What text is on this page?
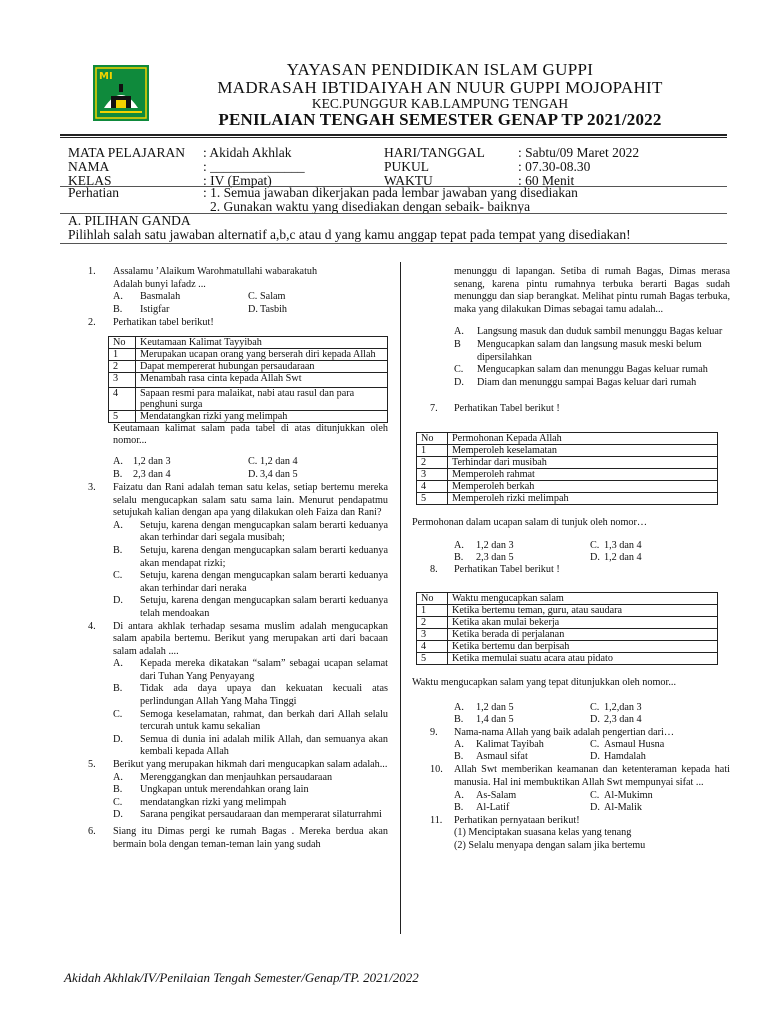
MI	YAYASAN PENDIDIKAN ISLAM GUPPI
MADRASAH IBTIDAIYAH AN NUUR GUPPI MOJOPAHIT
KEC.PUNGGUR KAB.LAMPUNG TENGAH
PENILAIAN TENGAH SEMESTER GENAP TP 2021/2022
MATA PELAJARAN : Akidah Akhlak	HARI/TANGGAL : Sabtu/09 Maret 2022
NAMA	: ______________	PUKUL	: 07.30-08.30
KELAS	: IV (Empat)	WAKTU	: 60 Menit
Perhatian	: 1. Semua jawaban dikerjakan pada lembar jawaban yang disediakan
2. Gunakan waktu yang disediakan dengan sebaik- baiknya
A. PILIHAN GANDA
Pilihlah salah satu jawaban alternatif a,b,c atau d yang kamu anggap tepat pada tempat yang disediakan!
1.	Assalamu ’Alaikum Warohmatullahi wabarakatuh

Adalah bunyi lafadz ...

A. Basmalah	C. Salam
B. Istigfar	D. Tasbih
2.	Perhatikan tabel berikut!

No	Keutamaan Kalimat Tayyibah
1	Merupakan ucapan orang yang berserah diri kepada Allah
2	Dapat mempererat hubungan persaudaraan
3	Menambah rasa cinta kepada Allah Swt
4	Sapaan resmi para malaikat, nabi atau rasul dan para penghuni surga
5	Mendatangkan rizki yang melimpah

Keutamaan kalimat salam pada tabel di atas ditunjukkan oleh nomor...

A. 1,2 dan 3	C. 1,2 dan 4
B. 2,3 dan 4	D. 3,4 dan 5
3.	Faizatu dan Rani adalah teman satu kelas, setiap bertemu mereka selalu mengucapkan salam satu sama lain. Menurut pendapatmu setujukah kalian dengan apa yang dilakukan oleh Faiza dan Rani?

A. Setuju, karena dengan mengucapkan salam berarti keduanya akan terhindar dari segala musibah;

B. Setuju, karena dengan mengucapkan salam berarti keduanya akan mendapat rizki;

C. Setuju, karena dengan mengucapkan salam berarti keduanya akan terhindar dari neraka

D. Setuju, karena dengan mengucapkan salam berarti keduanya telah mendoakan

4.	Di antara akhlak terhadap sesama muslim adalah mengucapkan salam apabila bertemu. Berikut yang merupakan arti dari bacaan salam adalah ....

A. Kepada mereka dikatakan “salam” sebagai ucapan selamat dari Tuhan Yang Penyayang

B. Tidak ada daya upaya dan kekuatan kecuali atas perlindungan Allah Yang Maha Tinggi

C. Semoga keselamatan, rahmat, dan berkah dari Allah selalu tercurah untuk kamu sekalian

D. Semua di dunia ini adalah milik Allah, dan semuanya akan kembali kepada Allah

5.	Berikut yang merupakan hikmah dari mengucapkan salam adalah...

A. Merenggangkan dan menjauhkan persaudaraan

B. Ungkapan untuk merendahkan orang lain

C. mendatangkan rizki yang melimpah

D. Sarana pengikat persaudaraan dan memperarat silaturrahmi

6.	Siang itu Dimas pergi ke rumah Bagas . Mereka berdua akan bermain bola dengan teman-teman lain yang sudah

menunggu di lapangan. Setiba di rumah Bagas, Dimas merasa senang, karena pintu rumahnya terbuka berarti Bagas sudah menunggu dan siap berangkat. Melihat pintu rumah Bagas terbuka, maka yang dilakukan Dimas sebagai tamu adalah...

A. Langsung masuk dan duduk sambil menunggu Bagas keluar

B Mengucapkan salam dan langsung masuk meski belum dipersilahkan

C. Mengucapkan salam dan menunggu Bagas keluar rumah

D. Diam dan menunggu sampai Bagas keluar dari rumah

7.	Perhatikan Tabel berikut !

No	Permohonan Kepada Allah
1	Memperoleh keselamatan
2	Terhindar dari musibah
3	Memperoleh rahmat
4	Memperoleh berkah
5	Memperoleh rizki melimpah

Permohonan dalam ucapan salam di tunjuk oleh nomor…

A. 1,2 dan 3	C. 1,3 dan 4
B. 2,3 dan 5	D. 1,2 dan 4
8.	Perhatikan Tabel berikut !

No	Waktu mengucapkan salam
1	Ketika bertemu teman, guru, atau saudara
2	Ketika akan mulai bekerja
3	Ketika berada di perjalanan
4	Ketika bertemu dan berpisah
5	Ketika memulai suatu acara atau pidato

Waktu mengucapkan salam yang tepat ditunjukkan oleh nomor...

A. 1,2 dan 5	C. 1,2,dan 3
B. 1,4 dan 5	D. 2,3 dan 4
9.	Nama-nama Allah yang baik adalah pengertian dari…

A. Kalimat Tayibah	C. Asmaul Husna
B. Asmaul sifat	D. Hamdalah
10.	Allah Swt memberikan keamanan dan ketenteraman kepada hati manusia. Hal ini membuktikan Allah Swt mempunyai sifat ...

A. As-Salam	C. Al-Mukimn
B. Al-Latif	D. Al-Malik
11.	Perhatikan pernyataan berikut!

(1) Menciptakan suasana kelas yang tenang

(2) Selalu menyapa dengan salam jika bertemu

Akidah Akhlak/IV/Penilaian Tengah Semester/Genap/TP. 2021/2022
